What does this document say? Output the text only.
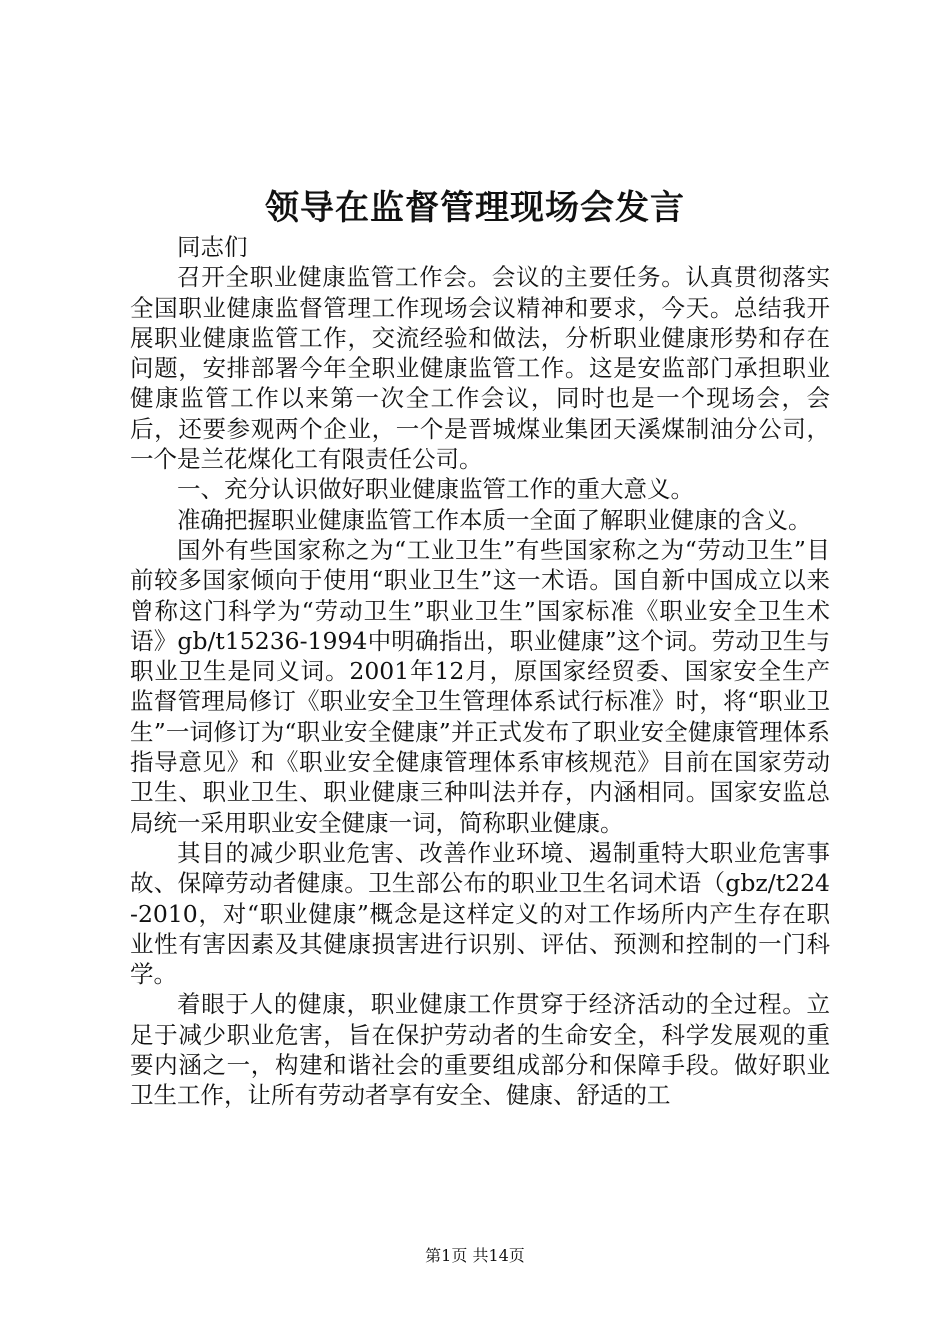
领导在监督管理现场会发言

同志们

召开全职业健康监管工作会。会议的主要任务。认真贯彻落实全国职业健康监督管理工作现场会议精神和要求，今天。总结我开展职业健康监管工作，交流经验和做法，分析职业健康形势和存在问题，安排部署今年全职业健康监管工作。这是安监部门承担职业健康监管工作以来第一次全工作会议，同时也是一个现场会，会后，还要参观两个企业，一个是晋城煤业集团天溪煤制油分公司，一个是兰花煤化工有限责任公司。

一、充分认识做好职业健康监管工作的重大意义。

准确把握职业健康监管工作本质一全面了解职业健康的含义。

国外有些国家称之为“工业卫生”有些国家称之为“劳动卫生”目前较多国家倾向于使用“职业卫生”这一术语。国自新中国成立以来曾称这门科学为“劳动卫生”职业卫生”国家标准《职业安全卫生术语》gb/t15236-1994中明确指出，职业健康”这个词。劳动卫生与职业卫生是同义词。2001年12月，原国家经贸委、国家安全生产监督管理局修订《职业安全卫生管理体系试行标准》时，将“职业卫生”一词修订为“职业安全健康”并正式发布了职业安全健康管理体系指导意见》和《职业安全健康管理体系审核规范》目前在国家劳动卫生、职业卫生、职业健康三种叫法并存，内涵相同。国家安监总局统一采用职业安全健康一词，简称职业健康。

其目的减少职业危害、改善作业环境、遏制重特大职业危害事故、保障劳动者健康。卫生部公布的职业卫生名词术语（gbz/t224-2010，对“职业健康”概念是这样定义的对工作场所内产生存在职业性有害因素及其健康损害进行识别、评估、预测和控制的一门科学。

着眼于人的健康，职业健康工作贯穿于经济活动的全过程。立足于减少职业危害，旨在保护劳动者的生命安全，科学发展观的重要内涵之一，构建和谐社会的重要组成部分和保障手段。做好职业卫生工作，让所有劳动者享有安全、健康、舒适的工

第1页 共14页
